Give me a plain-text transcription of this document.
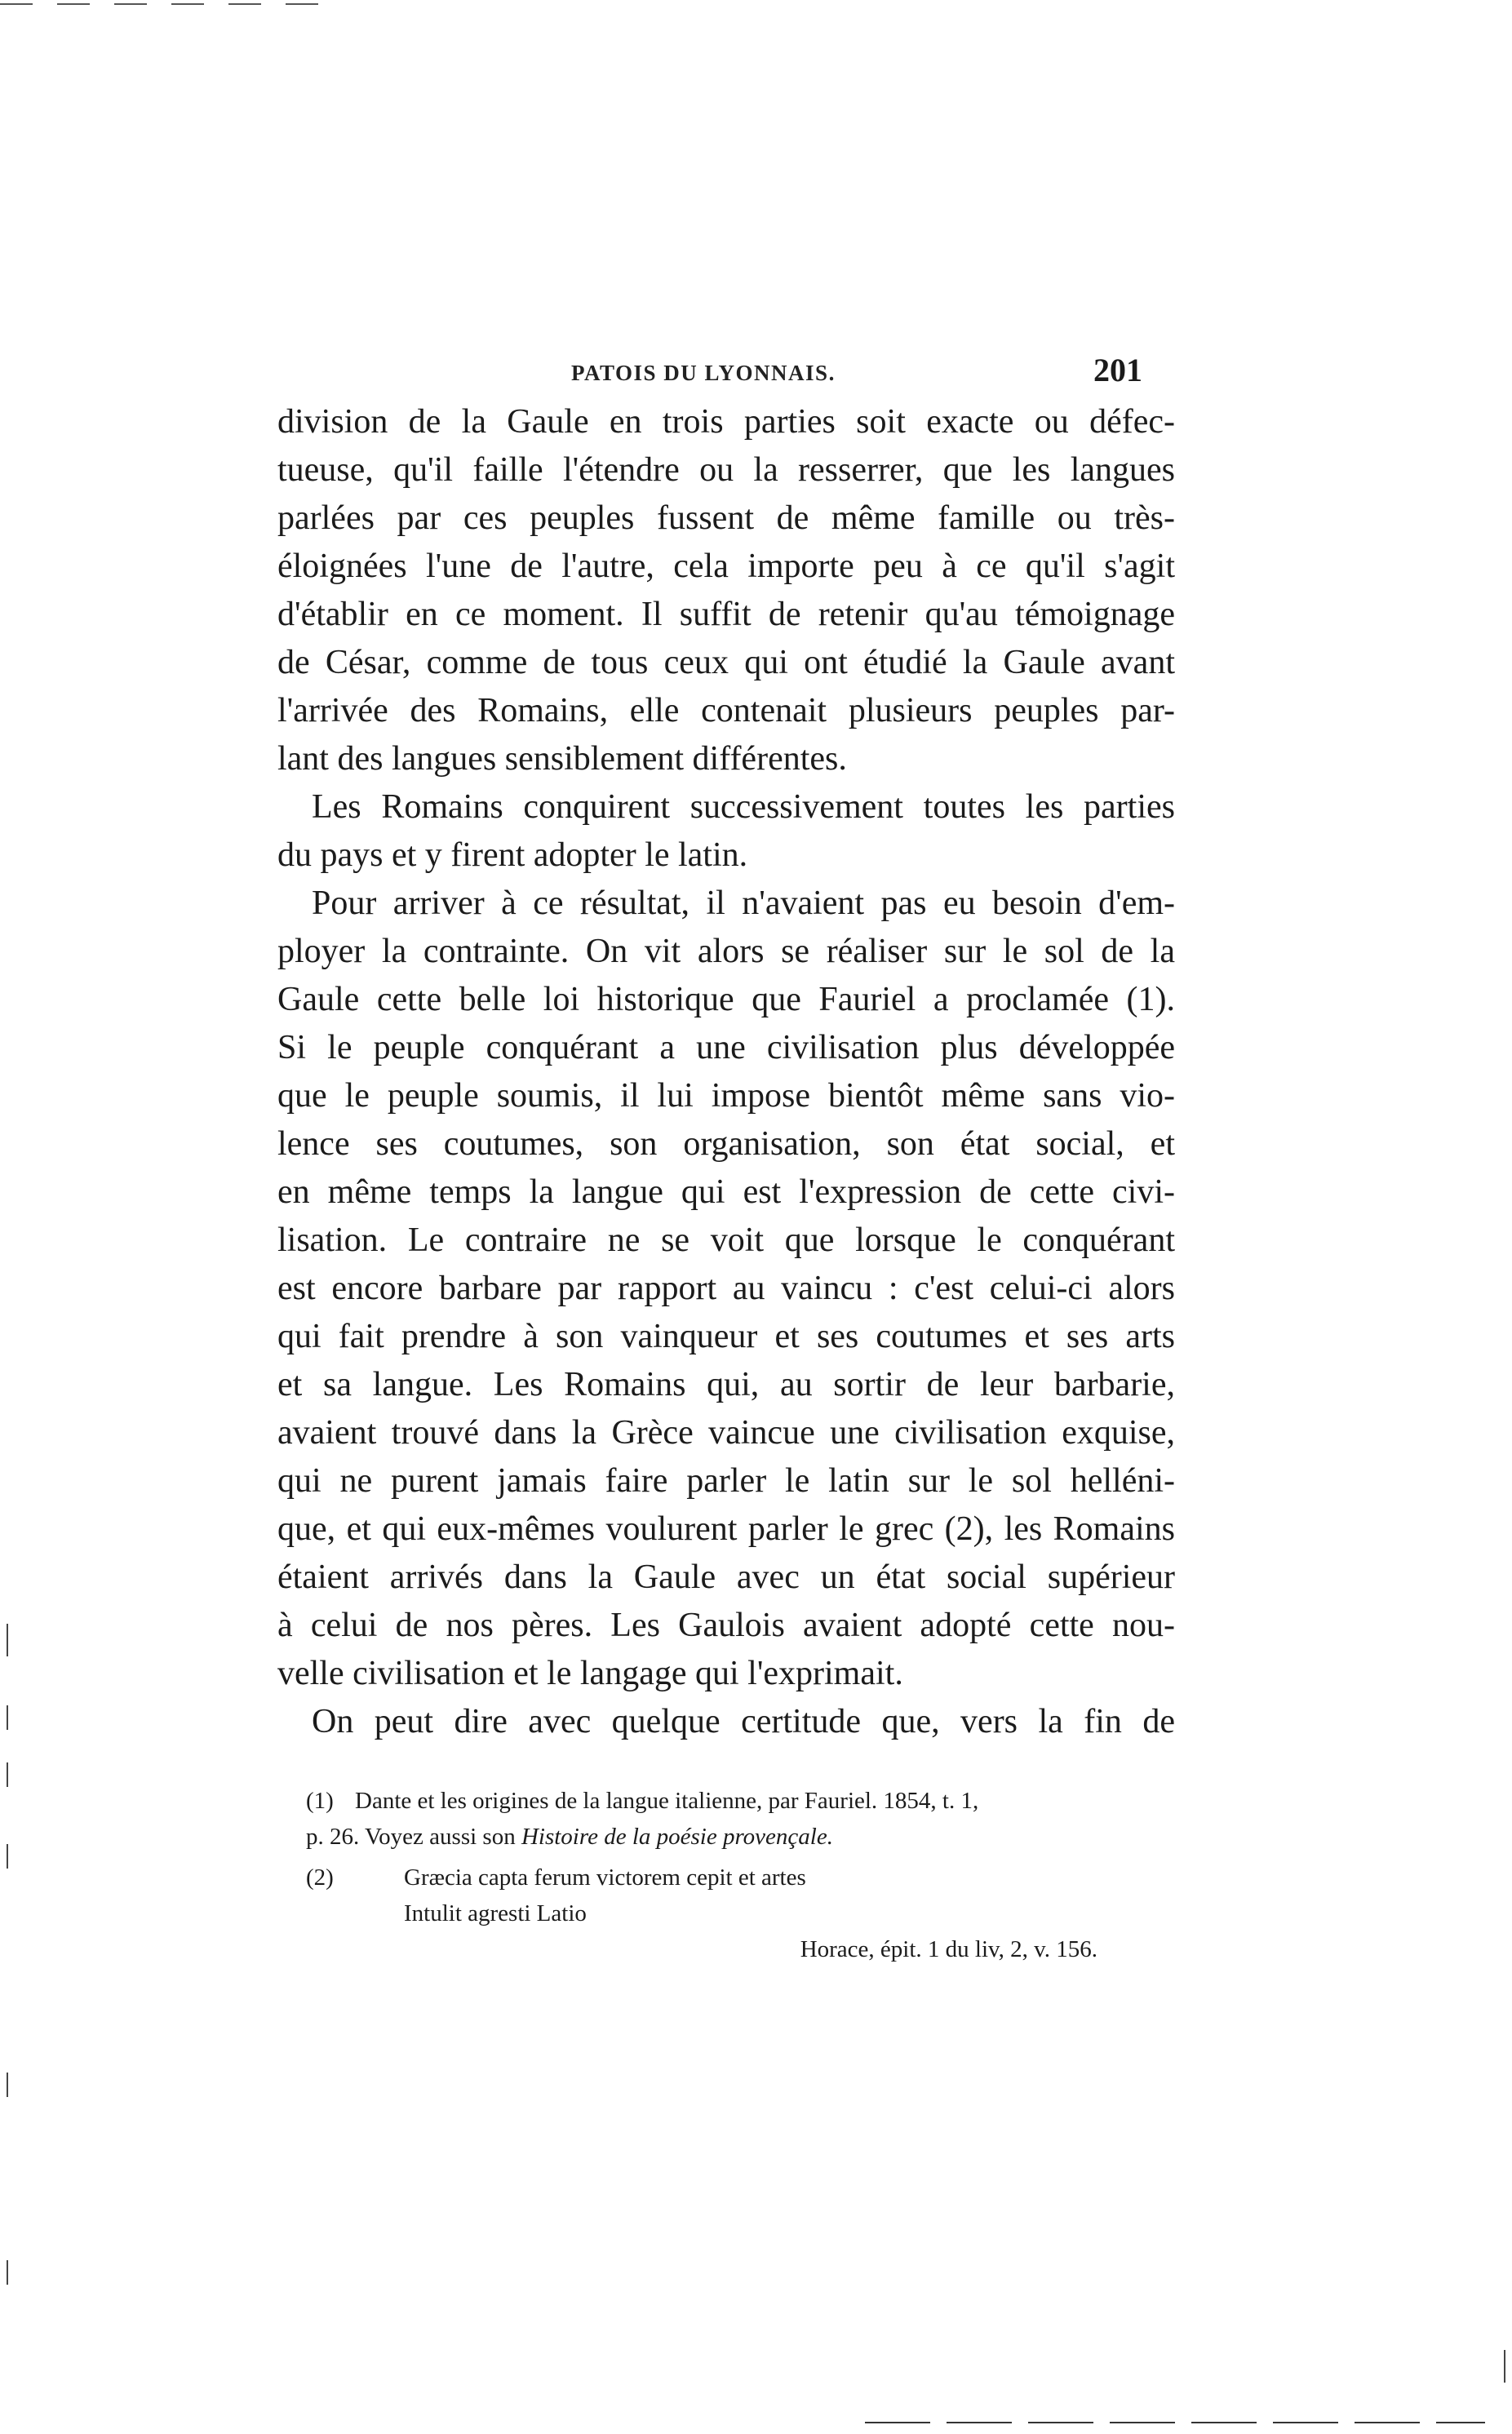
PATOIS DU LYONNAIS.	201
division de la Gaule en trois parties soit exacte ou défec-
tueuse, qu'il faille l'étendre ou la resserrer, que les langues
parlées par ces peuples fussent de même famille ou très-
éloignées l'une de l'autre, cela importe peu à ce qu'il s'agit
d'établir en ce moment. Il suffit de retenir qu'au témoignage
de César, comme de tous ceux qui ont étudié la Gaule avant
l'arrivée des Romains, elle contenait plusieurs peuples par-
lant des langues sensiblement différentes.
Les Romains conquirent successivement toutes les parties
du pays et y firent adopter le latin.
Pour arriver à ce résultat, il n'avaient pas eu besoin d'em-
ployer la contrainte. On vit alors se réaliser sur le sol de la
Gaule cette belle loi historique que Fauriel a proclamée (1).
Si le peuple conquérant a une civilisation plus développée
que le peuple soumis, il lui impose bientôt même sans vio-
lence ses coutumes, son organisation, son état social, et
en même temps la langue qui est l'expression de cette civi-
lisation. Le contraire ne se voit que lorsque le conquérant
est encore barbare par rapport au vaincu : c'est celui-ci alors
qui fait prendre à son vainqueur et ses coutumes et ses arts
et sa langue. Les Romains qui, au sortir de leur barbarie,
avaient trouvé dans la Grèce vaincue une civilisation exquise,
qui ne purent jamais faire parler le latin sur le sol helléni-
que, et qui eux-mêmes voulurent parler le grec (2), les Romains
étaient arrivés dans la Gaule avec un état social supérieur
à celui de nos pères. Les Gaulois avaient adopté cette nou-
velle civilisation et le langage qui l'exprimait.
On peut dire avec quelque certitude que, vers la fin de
(1) Dante et les origines de la langue italienne, par Fauriel. 1854, t. 1,
p. 26. Voyez aussi son Histoire de la poésie provençale.
(2)	Græcia capta ferum victorem cepit et artes
Intulit agresti Latio
Horace, épit. 1 du liv, 2, v. 156.
